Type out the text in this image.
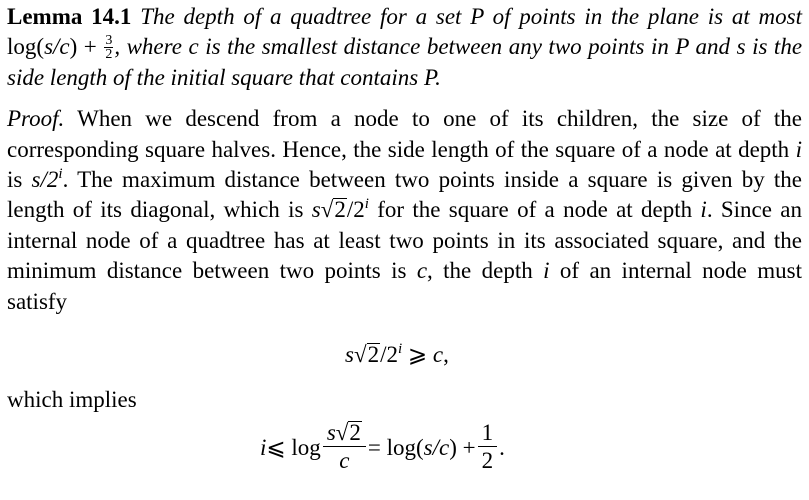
Lemma 14.1 The depth of a quadtree for a set P of points in the plane is at most $\log(s/c) + \frac{3}{2}$ , where c is the smallest distance between any two points in P and s is the side length of the initial square that contains P.

Proof. When we descend from a node to one of its children, the size of the corresponding square halves. Hence, the side length of the square of a node at depth i is s/2$^i$. The maximum distance between two points inside a square is given by the length of its diagonal, which is s√2/2$^i$ for the square of a node at depth i. Since an internal node of a quadtree has at least two points in its associated square, and the minimum distance between two points is c, the depth i of an internal node must satisfy

s√2/2$^i$ ⩾ c,
which implies
i ⩽ $\log \frac{s√2}{c} = \log$( s/c ) + $\frac{1}{2}$ .
